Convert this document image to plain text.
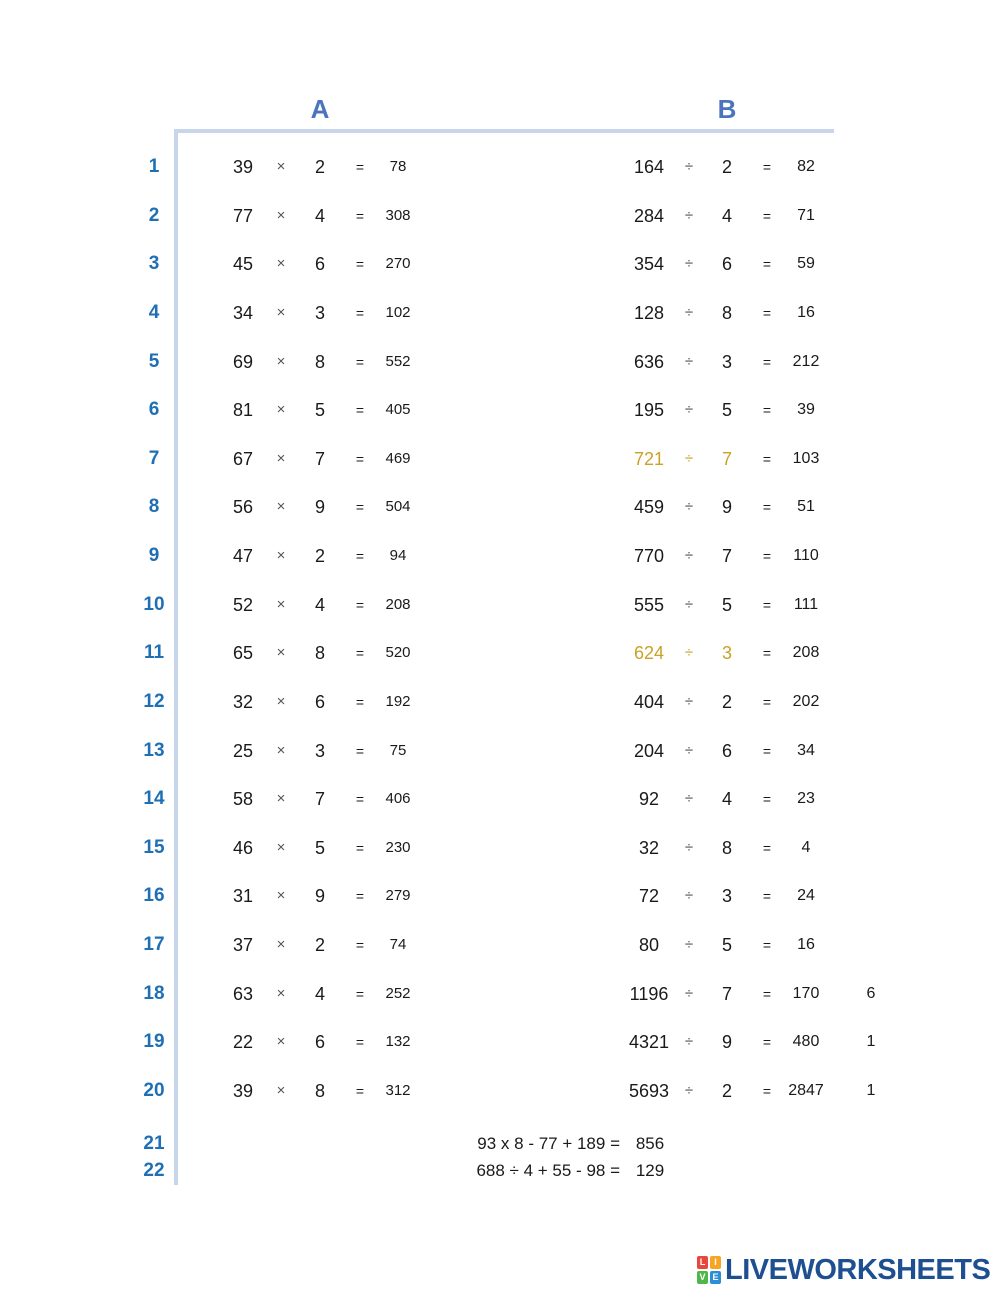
A	B
1	39	×	2	=	78	164	÷	2	=	82
2	77	×	4	=	308	284	÷	4	=	71
3	45	×	6	=	270	354	÷	6	=	59
4	34	×	3	=	102	128	÷	8	=	16
5	69	×	8	=	552	636	÷	3	=	212
6	81	×	5	=	405	195	÷	5	=	39
7	67	×	7	=	469	721	÷	7	=	103
8	56	×	9	=	504	459	÷	9	=	51
9	47	×	2	=	94	770	÷	7	=	110
10	52	×	4	=	208	555	÷	5	=	111
11	65	×	8	=	520	624	÷	3	=	208
12	32	×	6	=	192	404	÷	2	=	202
13	25	×	3	=	75	204	÷	6	=	34
14	58	×	7	=	406	92	÷	4	=	23
15	46	×	5	=	230	32	÷	8	=	4
16	31	×	9	=	279	72	÷	3	=	24
17	37	×	2	=	74	80	÷	5	=	16
18	63	×	4	=	252	1196	÷	7	=	170	6
19	22	×	6	=	132	4321	÷	9	=	480	1
20	39	×	8	=	312	5693	÷	2	=	2847	1
21	93 x 8 - 77 + 189 = 856
22	688 ÷ 4 + 55 - 98 = 129
L I
V E LIVEWORKSHEETS
